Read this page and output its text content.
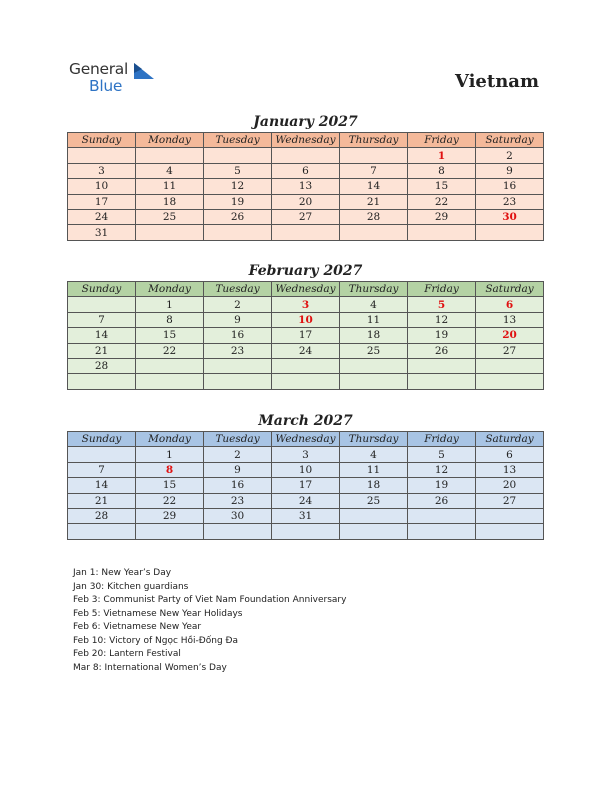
General
Blue	Vietnam
January 2027
Sunday	Monday	Tuesday	Wednesday	Thursday	Friday	Saturday
					1	2
3	4	5	6	7	8	9
10	11	12	13	14	15	16
17	18	19	20	21	22	23
24	25	26	27	28	29	30
31						
February 2027
Sunday	Monday	Tuesday	Wednesday	Thursday	Friday	Saturday
	1	2	3	4	5	6
7	8	9	10	11	12	13
14	15	16	17	18	19	20
21	22	23	24	25	26	27
28						

March 2027
Sunday	Monday	Tuesday	Wednesday	Thursday	Friday	Saturday
	1	2	3	4	5	6
7	8	9	10	11	12	13
14	15	16	17	18	19	20
21	22	23	24	25	26	27
28	29	30	31			

Jan 1: New Year’s Day
Jan 30: Kitchen guardians
Feb 3: Communist Party of Viet Nam Foundation Anniversary
Feb 5: Vietnamese New Year Holidays
Feb 6: Vietnamese New Year
Feb 10: Victory of Ngọc Hồi-Đống Đa
Feb 20: Lantern Festival
Mar 8: International Women’s Day
